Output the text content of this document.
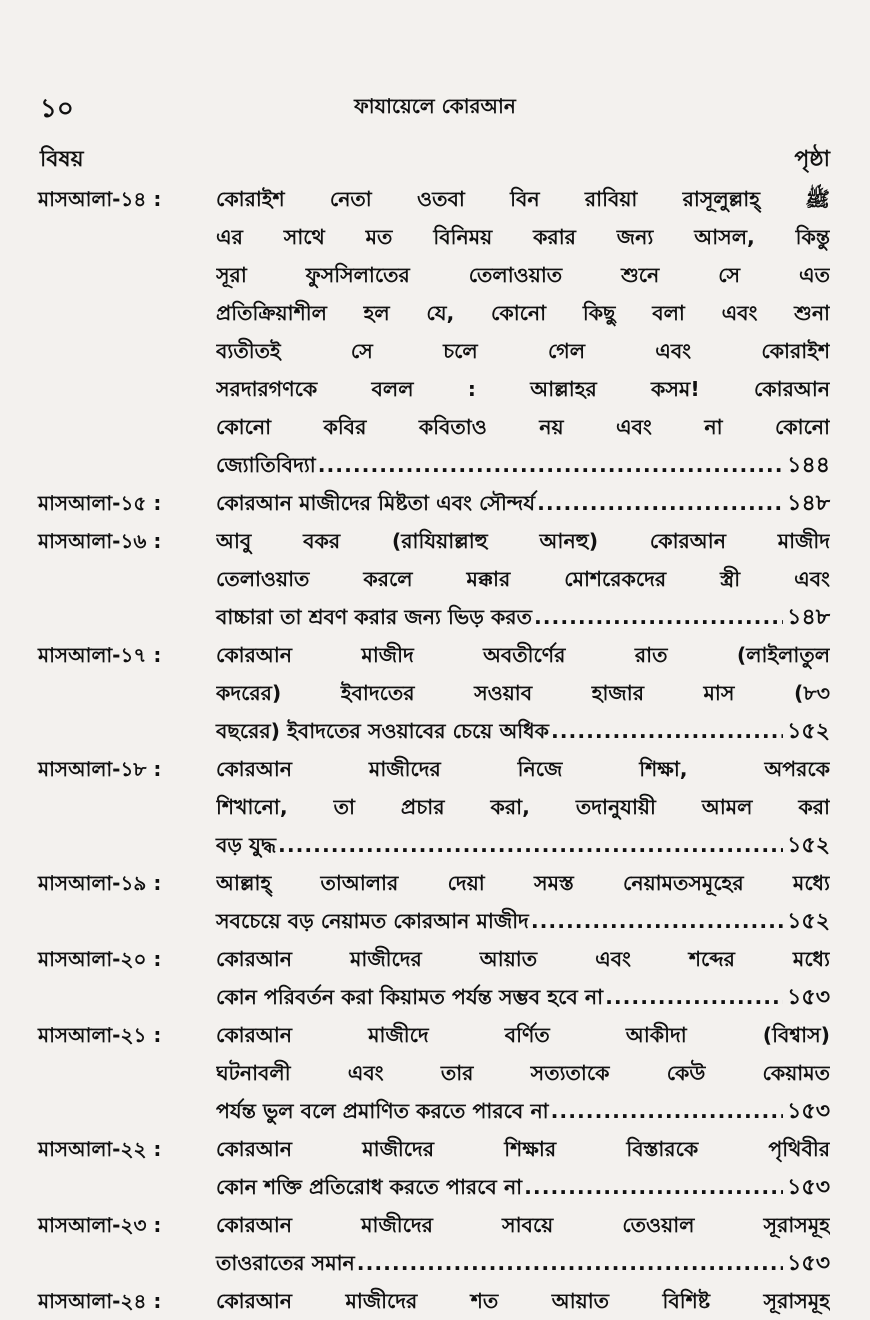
১০	ফাযায়েলে কোরআন
বিষয়	পৃষ্ঠা
মাসআলা-১৪ :	কোরাইশ নেতা ওতবা বিন রাবিয়া রাসূলুল্লাহ্ ﷺ
এর সাথে মত বিনিময় করার জন্য আসল, কিন্তু
সূরা ফুসসিলাতের তেলাওয়াত শুনে সে এত
প্রতিক্রিয়াশীল হল যে, কোনো কিছু বলা এবং শুনা
ব্যতীতই সে চলে গেল এবং কোরাইশ
সরদারগণকে বলল : আল্লাহর কসম! কোরআন
কোনো কবির কবিতাও নয় এবং না কোনো
জ্যোতিবিদ্যা .....	১৪৪
মাসআলা-১৫ :	কোরআন মাজীদের মিষ্টতা এবং সৌন্দর্য .....	১৪৮
মাসআলা-১৬ :	আবু বকর (রাযিয়াল্লাহু আনহু) কোরআন মাজীদ
তেলাওয়াত করলে মক্কার মোশরেকদের স্ত্রী এবং
বাচ্চারা তা শ্রবণ করার জন্য ভিড় করত .....	১৪৮
মাসআলা-১৭ :	কোরআন মাজীদ অবতীর্ণের রাত (লাইলাতুল
কদরের) ইবাদতের সওয়াব হাজার মাস (৮৩
বছরের) ইবাদতের সওয়াবের চেয়ে অধিক .....	১৫২
মাসআলা-১৮ :	কোরআন মাজীদের নিজে শিক্ষা, অপরকে
শিখানো, তা প্রচার করা, তদানুযায়ী আমল করা
বড় যুদ্ধ .....	১৫২
মাসআলা-১৯ :	আল্লাহ্ তাআলার দেয়া সমস্ত নেয়ামতসমূহের মধ্যে
সবচেয়ে বড় নেয়ামত কোরআন মাজীদ .....	১৫২
মাসআলা-২০ :	কোরআন মাজীদের আয়াত এবং শব্দের মধ্যে
কোন পরিবর্তন করা কিয়ামত পর্যন্ত সম্ভব হবে না .....	১৫৩
মাসআলা-২১ :	কোরআন মাজীদে বর্ণিত আকীদা (বিশ্বাস)
ঘটনাবলী এবং তার সত্যতাকে কেউ কেয়ামত
পর্যন্ত ভুল বলে প্রমাণিত করতে পারবে না .....	১৫৩
মাসআলা-২২ :	কোরআন মাজীদের শিক্ষার বিস্তারকে পৃথিবীর
কোন শক্তি প্রতিরোধ করতে পারবে না .....	১৫৩
মাসআলা-২৩ :	কোরআন মাজীদের সাবয়ে তেওয়াল সূরাসমূহ
তাওরাতের সমান .....	১৫৩
মাসআলা-২৪ :	কোরআন মাজীদের শত আয়াত বিশিষ্ট সূরাসমূহ
